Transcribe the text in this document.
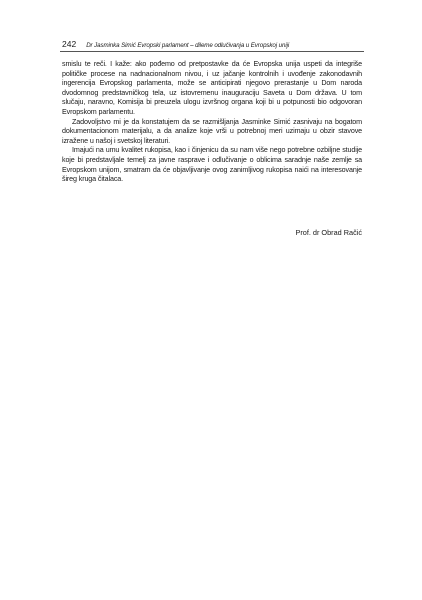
242 Dr Jasminka Simić Evropski parlament – dileme odlučivanja u Evropskoj uniji

smislu te reči. I kaže: ako pođemo od pretpostavke da će Evropska unija uspeti da integriše političke procese na nadnacionalnom nivou, i uz jačanje kontrolnih i uvođenje zakonodavnih ingerencija Evropskog parlamenta, može se anticipirati njegovo prerastanje u Dom naroda dvodomnog predstavničkog tela, uz istovremenu inauguraciju Saveta u Dom država. U tom slučaju, naravno, Komisija bi preuzela ulogu izvršnog organa koji bi u potpunosti bio odgovoran Evropskom parlamentu.

Zadovoljstvo mi je da konstatujem da se razmišljanja Jasminke Simić zasnivaju na bogatom dokumentacionom materijalu, a da analize koje vrši u potrebnoj meri uzimaju u obzir stavove izražene u našoj i svetskoj literaturi.

Imajući na umu kvalitet rukopisa, kao i činjenicu da su nam više nego potrebne ozbiljne studije koje bi predstavljale temelj za javne rasprave i odlučivanje o oblicima saradnje naše zemlje sa Evropskom unijom, smatram da će objavljivanje ovog zanimljivog rukopisa naići na interesovanje šireg kruga čitalaca.

Prof. dr Obrad Račić
